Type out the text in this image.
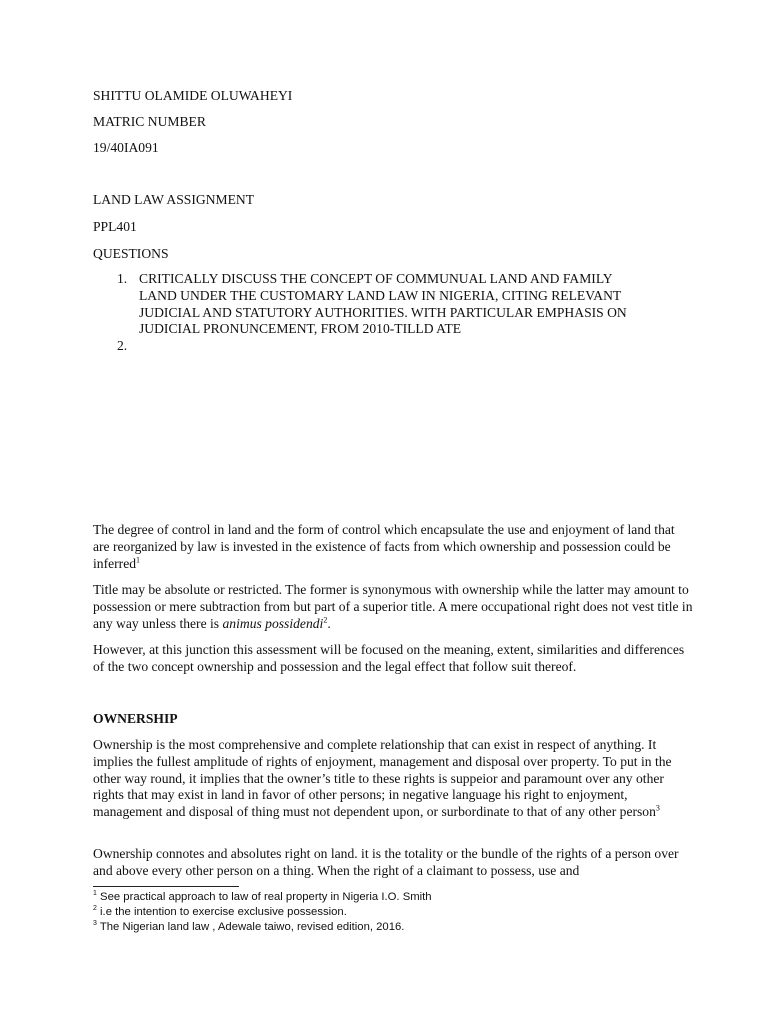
SHITTU OLAMIDE OLUWAHEYI
MATRIC NUMBER
19/40IA091
LAND LAW ASSIGNMENT
PPL401
QUESTIONS
1. CRITICALLY DISCUSS THE CONCEPT OF COMMUNUAL LAND AND FAMILY
LAND UNDER THE CUSTOMARY LAND LAW IN NIGERIA, CITING RELEVANT
JUDICIAL AND STATUTORY AUTHORITIES. WITH PARTICULAR EMPHASIS ON
JUDICIAL PRONUNCEMENT, FROM 2010-TILLD ATE
2.
The degree of control in land and the form of control which encapsulate the use and enjoyment of land that are reorganized by law is invested in the existence of facts from which ownership and possession could be inferred$^1$
Title may be absolute or restricted. The former is synonymous with ownership while the latter may amount to possession or mere subtraction from but part of a superior title. A mere occupational right does not vest title in any way unless there is animus possidendi$^2$.
However, at this junction this assessment will be focused on the meaning, extent, similarities and differences of the two concept ownership and possession and the legal effect that follow suit thereof.
OWNERSHIP
Ownership is the most comprehensive and complete relationship that can exist in respect of anything. It implies the fullest amplitude of rights of enjoyment, management and disposal over property. To put in the other way round, it implies that the owner’s title to these rights is suppeior and paramount over any other rights that may exist in land in favor of other persons; in negative language his right to enjoyment, management and disposal of thing must not dependent upon, or surbordinate to that of any other person$^3$
Ownership connotes and absolutes right on land. it is the totality or the bundle of the rights of a person over and above every other person on a thing. When the right of a claimant to possess, use and
$^1$ See practical approach to law of real property in Nigeria I.O. Smith
$^2$ i.e the intention to exercise exclusive possession.
$^3$ The Nigerian land law , Adewale taiwo, revised edition, 2016.
